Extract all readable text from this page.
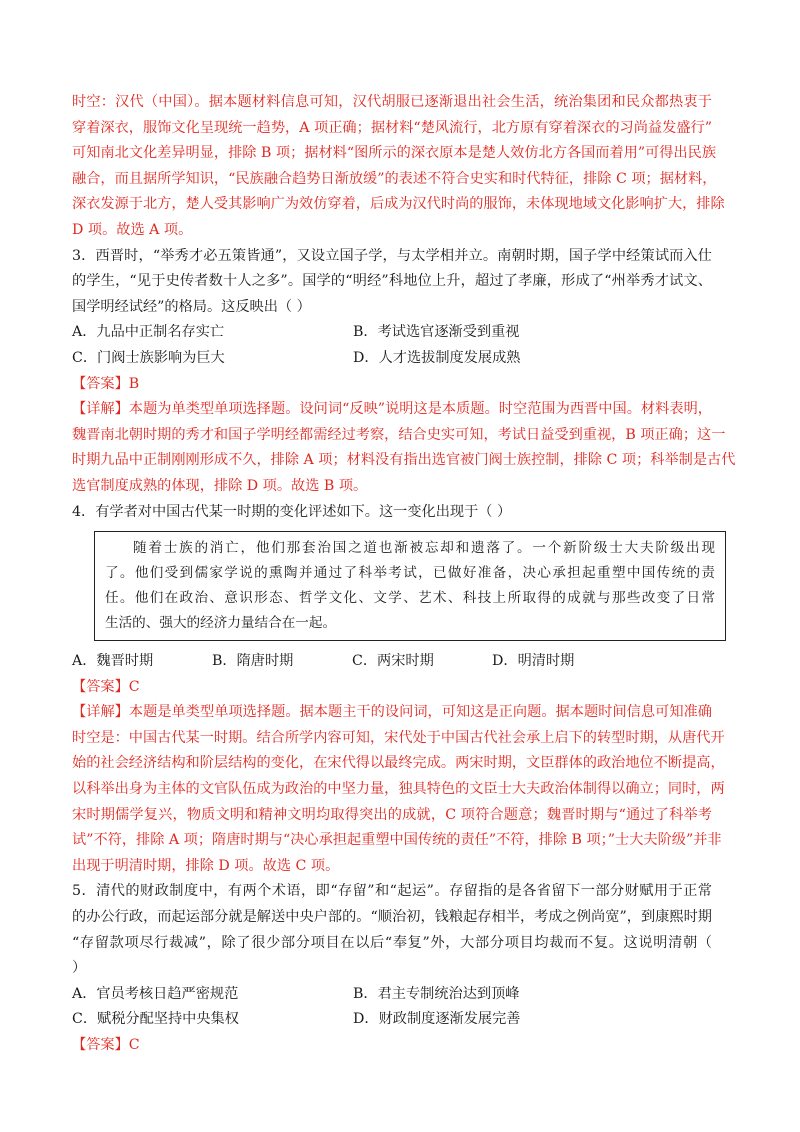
时空：汉代（中国）。据本题材料信息可知，汉代胡服已逐渐退出社会生活，统治集团和民众都热衷于
穿着深衣，服饰文化呈现统一趋势，A 项正确；据材料“楚风流行，北方原有穿着深衣的习尚益发盛行”
可知南北文化差异明显，排除 B 项；据材料“图所示的深衣原本是楚人效仿北方各国而着用”可得出民族
融合，而且据所学知识，“民族融合趋势日渐放缓”的表述不符合史实和时代特征，排除 C 项；据材料，
深衣发源于北方，楚人受其影响广为效仿穿着，后成为汉代时尚的服饰，未体现地域文化影响扩大，排除
D 项。故选 A 项。
3．西晋时，“举秀才必五策皆通”，又设立国子学，与太学相并立。南朝时期，国子学中经策试而入仕
的学生，“见于史传者数十人之多”。国学的“明经”科地位上升，超过了孝廉，形成了“州举秀才试文、
国学明经试经”的格局。这反映出（ ）
A．九品中正制名存实亡	B．考试选官逐渐受到重视
C．门阀士族影响为巨大	D．人才选拔制度发展成熟
【答案】B
【详解】本题为单类型单项选择题。设问词“反映”说明这是本质题。时空范围为西晋中国。材料表明，
魏晋南北朝时期的秀才和国子学明经都需经过考察，结合史实可知，考试日益受到重视，B 项正确；这一
时期九品中正制刚刚形成不久，排除 A 项；材料没有指出选官被门阀士族控制，排除 C 项；科举制是古代
选官制度成熟的体现，排除 D 项。故选 B 项。
4．有学者对中国古代某一时期的变化评述如下。这一变化出现于（ ）
随着士族的消亡，他们那套治国之道也渐被忘却和遗落了。一个新阶级士大夫阶级出现
了。他们受到儒家学说的熏陶并通过了科举考试，已做好准备，决心承担起重塑中国传统的责
任。他们在政治、意识形态、哲学文化、文学、艺术、科技上所取得的成就与那些改变了日常
生活的、强大的经济力量结合在一起。
A．魏晋时期	B．隋唐时期	C．两宋时期	D．明清时期
【答案】C
【详解】本题是单类型单项选择题。据本题主干的设问词，可知这是正向题。据本题时间信息可知准确
时空是：中国古代某一时期。结合所学内容可知，宋代处于中国古代社会承上启下的转型时期，从唐代开
始的社会经济结构和阶层结构的变化，在宋代得以最终完成。两宋时期，文臣群体的政治地位不断提高，
以科举出身为主体的文官队伍成为政治的中坚力量，独具特色的文臣士大夫政治体制得以确立；同时，两
宋时期儒学复兴，物质文明和精神文明均取得突出的成就，C 项符合题意；魏晋时期与“通过了科举考
试”不符，排除 A 项；隋唐时期与“决心承担起重塑中国传统的责任”不符，排除 B 项；”士大夫阶级”并非
出现于明清时期，排除 D 项。故选 C 项。
5．清代的财政制度中，有两个术语，即“存留”和“起运”。存留指的是各省留下一部分财赋用于正常
的办公行政，而起运部分就是解送中央户部的。“顺治初，钱粮起存相半，考成之例尚宽”，到康熙时期
“存留款项尽行裁减”，除了很少部分项目在以后“奉复”外，大部分项目均裁而不复。这说明清朝（
）
A．官员考核日趋严密规范	B．君主专制统治达到顶峰
C．赋税分配坚持中央集权	D．财政制度逐渐发展完善
【答案】C
